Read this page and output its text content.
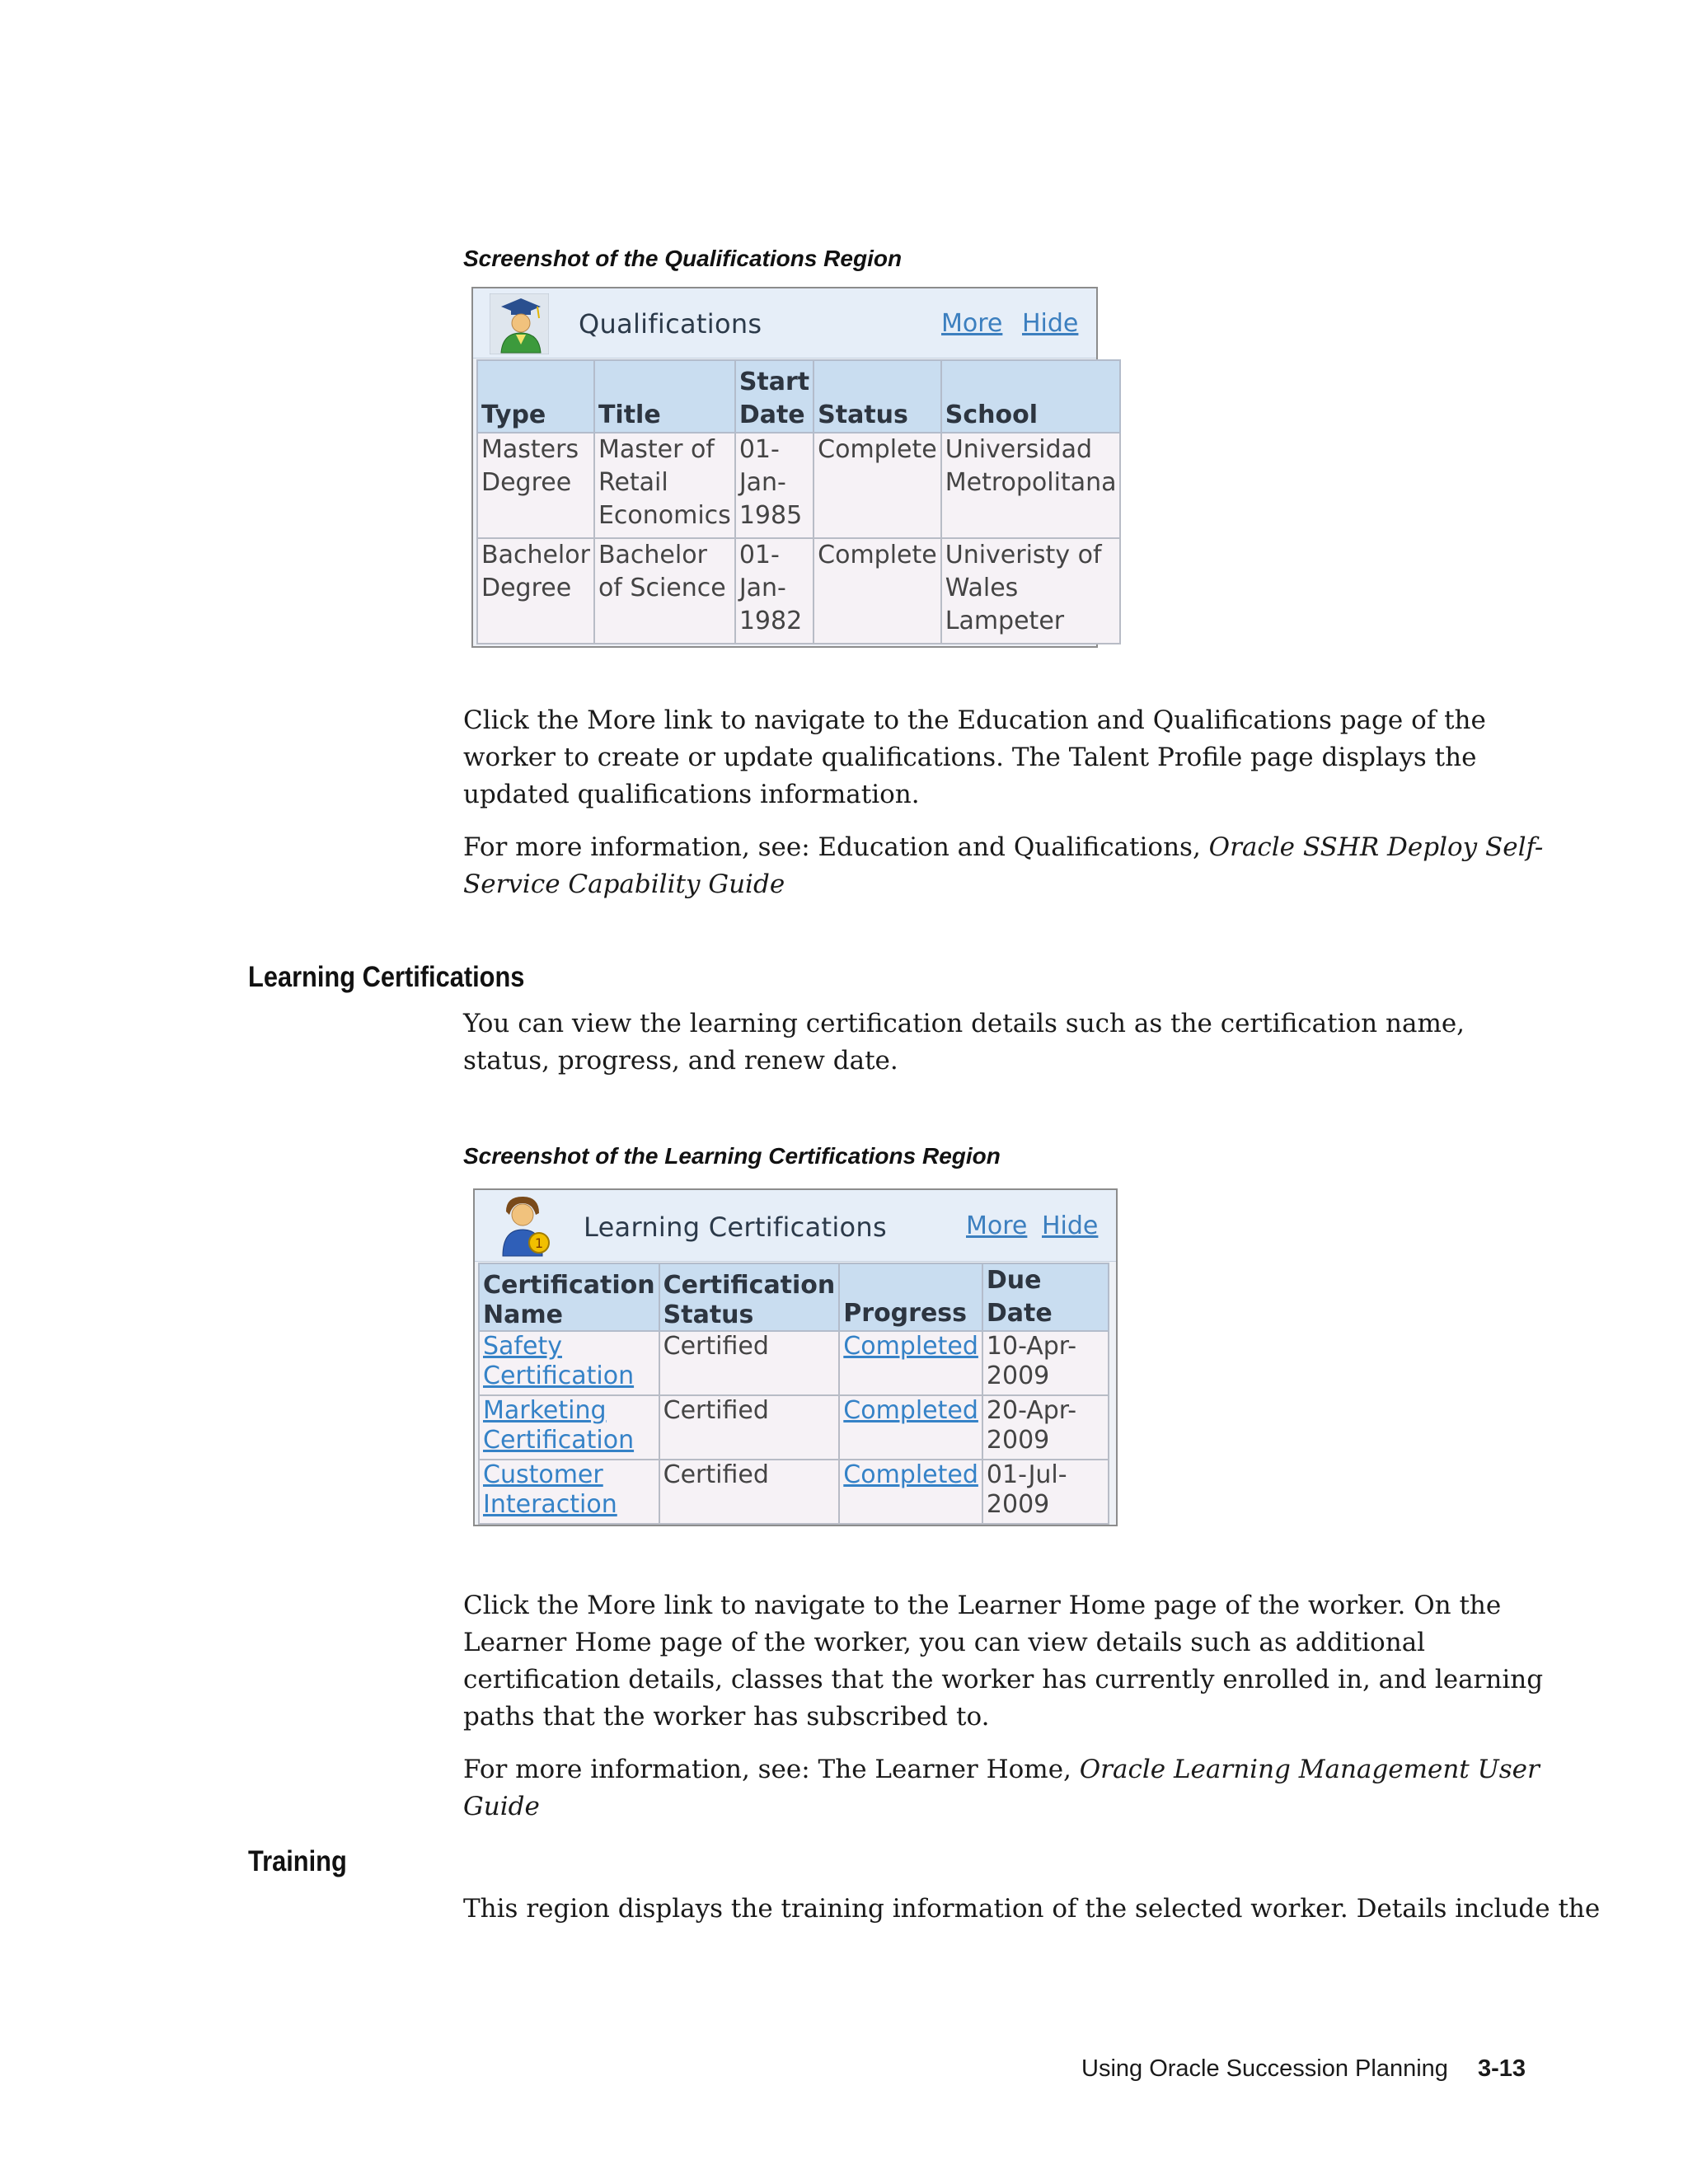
Screenshot of the Qualifications Region
Qualifications	More Hide
Type	Title	Start Date	Status	School
Masters Degree	Master of Retail Economics	01-Jan-1985	Complete	Universidad Metropolitana
Bachelor Degree	Bachelor of Science	01-Jan-1982	Complete	Univeristy of Wales Lampeter

Click the More link to navigate to the Education and Qualifications page of the worker to create or update qualifications. The Talent Profile page displays the updated qualifications information.

For more information, see: Education and Qualifications, Oracle SSHR Deploy Self-Service Capability Guide

Learning Certifications
You can view the learning certification details such as the certification name, status, progress, and renew date.
Screenshot of the Learning Certifications Region
1
Learning Certifications	More Hide
Certification Name	Certification Status	Progress	Due Date
Safety Certification	Certified	Completed	10-Apr-2009
Marketing Certification	Certified	Completed	20-Apr-2009
Customer Interaction	Certified	Completed	01-Jul-2009

Click the More link to navigate to the Learner Home page of the worker. On the Learner Home page of the worker, you can view details such as additional certification details, classes that the worker has currently enrolled in, and learning paths that the worker has subscribed to.

For more information, see: The Learner Home, Oracle Learning Management User Guide

Training
This region displays the training information of the selected worker. Details include the
Using Oracle Succession Planning 3-13
